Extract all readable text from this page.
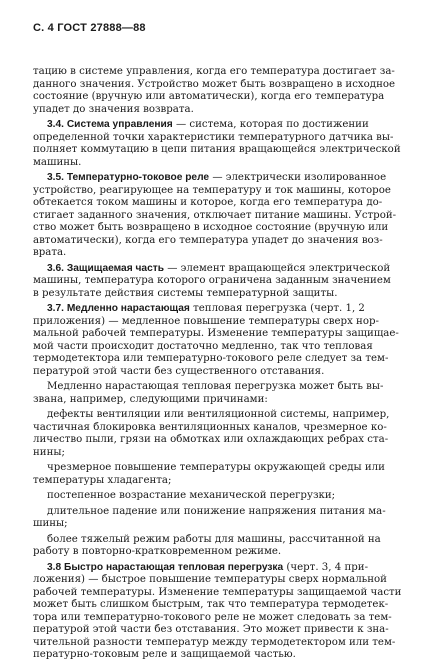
С. 4 ГОСТ 27888—88
тацию в системе управления, когда его температура достигает за-
данного значения. Устройство может быть возвращено в исходное
состояние (вручную или автоматически), когда его температура
упадет до значения возврата.
3.4. Система управления — система, которая по достижении
определенной точки характеристики температурного датчика вы-
полняет коммутацию в цепи питания вращающейся электрической
машины.
3.5. Температурно-токовое реле — электрически изолированное
устройство, реагирующее на температуру и ток машины, которое
обтекается током машины и которое, когда его температура до-
стигает заданного значения, отключает питание машины. Устрой-
ство может быть возвращено в исходное состояние (вручную или
автоматически), когда его температура упадет до значения воз-
врата.
3.6. Защищаемая часть — элемент вращающейся электрической
машины, температура которого ограничена заданным значением
в результате действия системы температурной защиты.
3.7. Медленно нарастающая тепловая перегрузка (черт. 1, 2
приложения) — медленное повышение температуры сверх нор-
мальной рабочей температуры. Изменение температуры защищае-
мой части происходит достаточно медленно, так что тепловая
термодетектора или температурно-токового реле следует за тем-
пературой этой части без существенного отставания.
Медленно нарастающая тепловая перегрузка может быть вы-
звана, например, следующими причинами:
дефекты вентиляции или вентиляционной системы, например,
частичная блокировка вентиляционных каналов, чрезмерное ко-
личество пыли, грязи на обмотках или охлаждающих ребрах ста-
нины;
чрезмерное повышение температуры окружающей среды или
температуры хладагента;
постепенное возрастание механической перегрузки;
длительное падение или понижение напряжения питания ма-
шины;
более тяжелый режим работы для машины, рассчитанной на
работу в повторно-кратковременном режиме.
3.8 Быстро нарастающая тепловая перегрузка (черт. 3, 4 при-
ложения) — быстрое повышение температуры сверх нормальной
рабочей температуры. Изменение температуры защищаемой части
может быть слишком быстрым, так что температура термодетек-
тора или температурно-токового реле не может следовать за тем-
пературой этой части без отставания. Это может привести к зна-
чительной разности температур между термодетектором или тем-
пературно-токовым реле и защищаемой частью.
